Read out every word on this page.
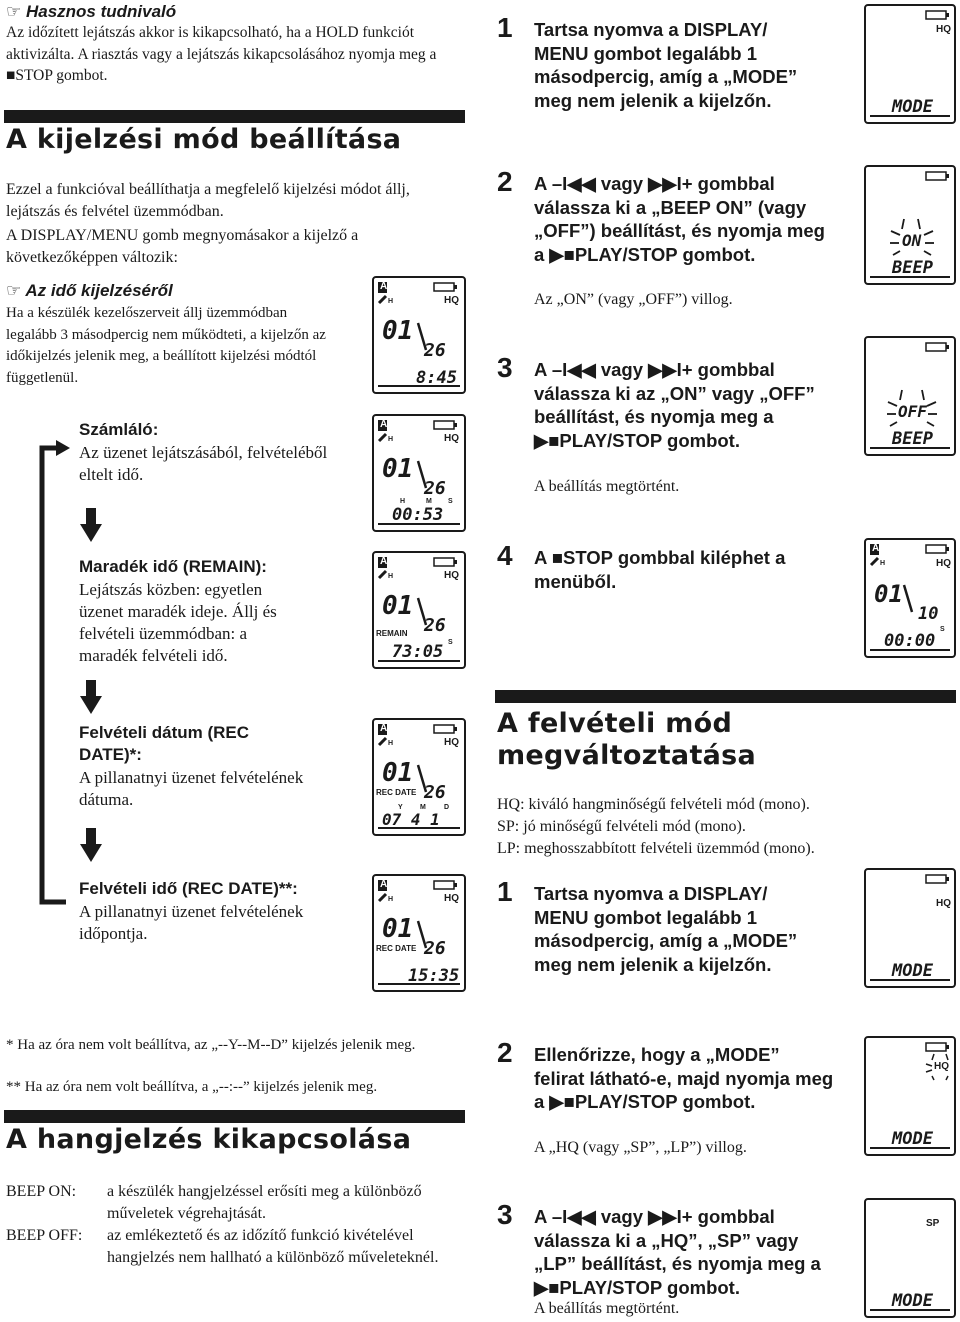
☞ Hasznos tudnivaló
Az időzített lejátszás akkor is kikapcsolható, ha a HOLD funkciót aktivizálta. A riasztás vagy a lejátszás kikapcsolásához nyomja meg a ■STOP gombot.
A kijelzési mód beállítása
Ezzel a funkcióval beállíthatja a megfelelő kijelzési módot állj, lejátszás és felvétel üzemmódban.
A DISPLAY/MENU gomb megnyomásakor a kijelző a következőképpen változik:
☞ Az idő kijelzéséről
Ha a készülék kezelőszerveit állj üzemmódban legalább 3 másodpercig nem működteti, a kijelzőn az időkijelzés jelenik meg, a beállított kijelzési módtól függetlenül.
Számláló:
Az üzenet lejátszásából, felvételéből eltelt idő.
Maradék idő (REMAIN):
Lejátszás közben: egyetlen üzenet maradék ideje. Állj és felvételi üzemmódban: a maradék felvételi idő.
Felvételi dátum (REC DATE)*:
A pillanatnyi üzenet felvételének dátuma.
Felvételi idő (REC DATE)**:
A pillanatnyi üzenet felvételének időpontja.
* Ha az óra nem volt beállítva, az „--Y--M--D” kijelzés jelenik meg.
** Ha az óra nem volt beállítva, a „--:--” kijelzés jelenik meg.
A hangjelzés kikapcsolása
BEEP ON: a készülék hangjelzéssel erősíti meg a különböző műveletek végrehajtását.
BEEP OFF: az emlékeztető és az időzítő funkció kivételével hangjelzés nem hallható a különböző műveleteknél.
A
H	HQ
01
26
8:45
A
H	HQ
01
26
H	M S
00:53
A
H	HQ
01
REMAIN 26
S
73:05
A
H	HQ
01
REC DATE 26
Y M	D
07 4 1
A
H	HQ
01
REC DATE 26
15:35
1 Tartsa nyomva a DISPLAY/ MENU gombot legalább 1 másodpercig, amíg a „MODE” meg nem jelenik a kijelzőn.
2 A –I◀◀ vagy ▶▶I+ gombbal válassza ki a „BEEP ON” (vagy „OFF”) beállítást, és nyomja meg a ▶■PLAY/STOP gombot.
Az „ON” (vagy „OFF”) villog.
3 A –I◀◀ vagy ▶▶I+ gombbal válassza ki az „ON” vagy „OFF” beállítást, és nyomja meg a ▶■PLAY/STOP gombot.
A beállítás megtörtént.
4 A ■STOP gombbal kiléphet a menüből.
HQ
MODE
ON
BEEP
OFF
BEEP
A
H	HQ
01
10
S
00:00
A felvételi mód
megváltoztatása
HQ: kiváló hangminőségű felvételi mód (mono).
SP: jó minőségű felvételi mód (mono).
LP: meghosszabbított felvételi üzemmód (mono).
1 Tartsa nyomva a DISPLAY/ MENU gombot legalább 1 másodpercig, amíg a „MODE” meg nem jelenik a kijelzőn.
2 Ellenőrizze, hogy a „MODE” felirat látható-e, majd nyomja meg a ▶■PLAY/STOP gombot.
A „HQ (vagy „SP”, „LP”) villog.
3 A –I◀◀ vagy ▶▶I+ gombbal válassza ki a „HQ”, „SP” vagy „LP” beállítást, és nyomja meg a ▶■PLAY/STOP gombot.
A beállítás megtörtént.
HQ
MODE
HQ
MODE
SP
MODE
